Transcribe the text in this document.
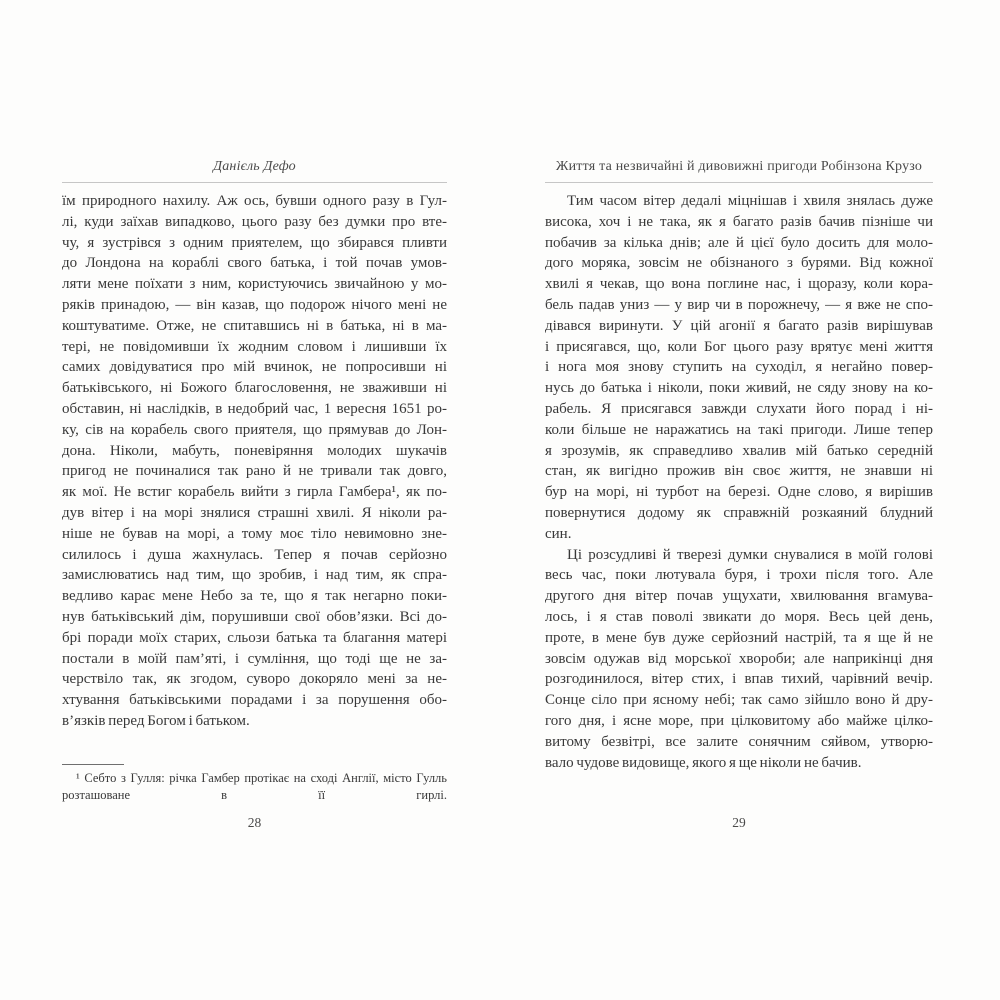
Данієль Дефо
їм природного нахилу. Аж ось, бувши одного разу в Гул-
лі, куди заїхав випадково, цього разу без думки про вте-
чу, я зустрівся з одним приятелем, що збирався пливти
до Лондона на кораблі свого батька, і той почав умов-
ляти мене поїхати з ним, користуючись звичайною у мо-
ряків принадою, — він казав, що подорож нічого мені не
коштуватиме. Отже, не спитавшись ні в батька, ні в ма-
тері, не повідомивши їх жодним словом і лишивши їх
самих довідуватися про мій вчинок, не попросивши ні
батьківського, ні Божого благословення, не зваживши ні
обставин, ні наслідків, в недобрий час, 1 вересня 1651 ро-
ку, сів на корабель свого приятеля, що прямував до Лон-
дона. Ніколи, мабуть, поневіряння молодих шукачів
пригод не починалися так рано й не тривали так довго,
як мої. Не встиг корабель вийти з гирла Гамбера¹, як по-
дув вітер і на морі знялися страшні хвилі. Я ніколи ра-
ніше не бував на морі, а тому моє тіло невимовно зне-
силилось і душа жахнулась. Тепер я почав серйозно
замислюватись над тим, що зробив, і над тим, як спра-
ведливо карає мене Небо за те, що я так негарно поки-
нув батьківський дім, порушивши свої обов’язки. Всі до-
брі поради моїх старих, сльози батька та благання матері
постали в моїй пам’яті, і сумління, що тоді ще не за-
черствіло так, як згодом, суворо докоряло мені за не-
хтування батьківськими порадами і за порушення обо-
в’язків перед Богом і батьком.
¹ Себто з Гулля: річка Гамбер протікає на сході Англії, місто Гулль
розташоване в її гирлі.
28
Життя та незвичайні й дивовижні пригоди Робінзона Крузо
Тим часом вітер дедалі міцнішав і хвиля знялась дуже
висока, хоч і не така, як я багато разів бачив пізніше чи
побачив за кілька днів; але й цієї було досить для моло-
дого моряка, зовсім не обізнаного з бурями. Від кожної
хвилі я чекав, що вона поглине нас, і щоразу, коли кора-
бель падав униз — у вир чи в порожнечу, — я вже не спо-
дівався виринути. У цій агонії я багато разів вирішував
і присягався, що, коли Бог цього разу врятує мені життя
і нога моя знову ступить на суходіл, я негайно повер-
нусь до батька і ніколи, поки живий, не сяду знову на ко-
рабель. Я присягався завжди слухати його порад і ні-
коли більше не наражатись на такі пригоди. Лише тепер
я зрозумів, як справедливо хвалив мій батько середній
стан, як вигідно прожив він своє життя, не знавши ні
бур на морі, ні турбот на березі. Одне слово, я вирішив
повернутися додому як справжній розкаяний блудний
син.
Ці розсудливі й тверезі думки снувалися в моїй голові
весь час, поки лютувала буря, і трохи після того. Але
другого дня вітер почав ущухати, хвилювання вгамува-
лось, і я став поволі звикати до моря. Весь цей день,
проте, в мене був дуже серйозний настрій, та я ще й не
зовсім одужав від морської хвороби; але наприкінці дня
розгодинилося, вітер стих, і впав тихий, чарівний вечір.
Сонце сіло при ясному небі; так само зійшло воно й дру-
гого дня, і ясне море, при цілковитому або майже цілко-
витому безвітрі, все залите сонячним сяйвом, утворю-
вало чудове видовище, якого я ще ніколи не бачив.
29
